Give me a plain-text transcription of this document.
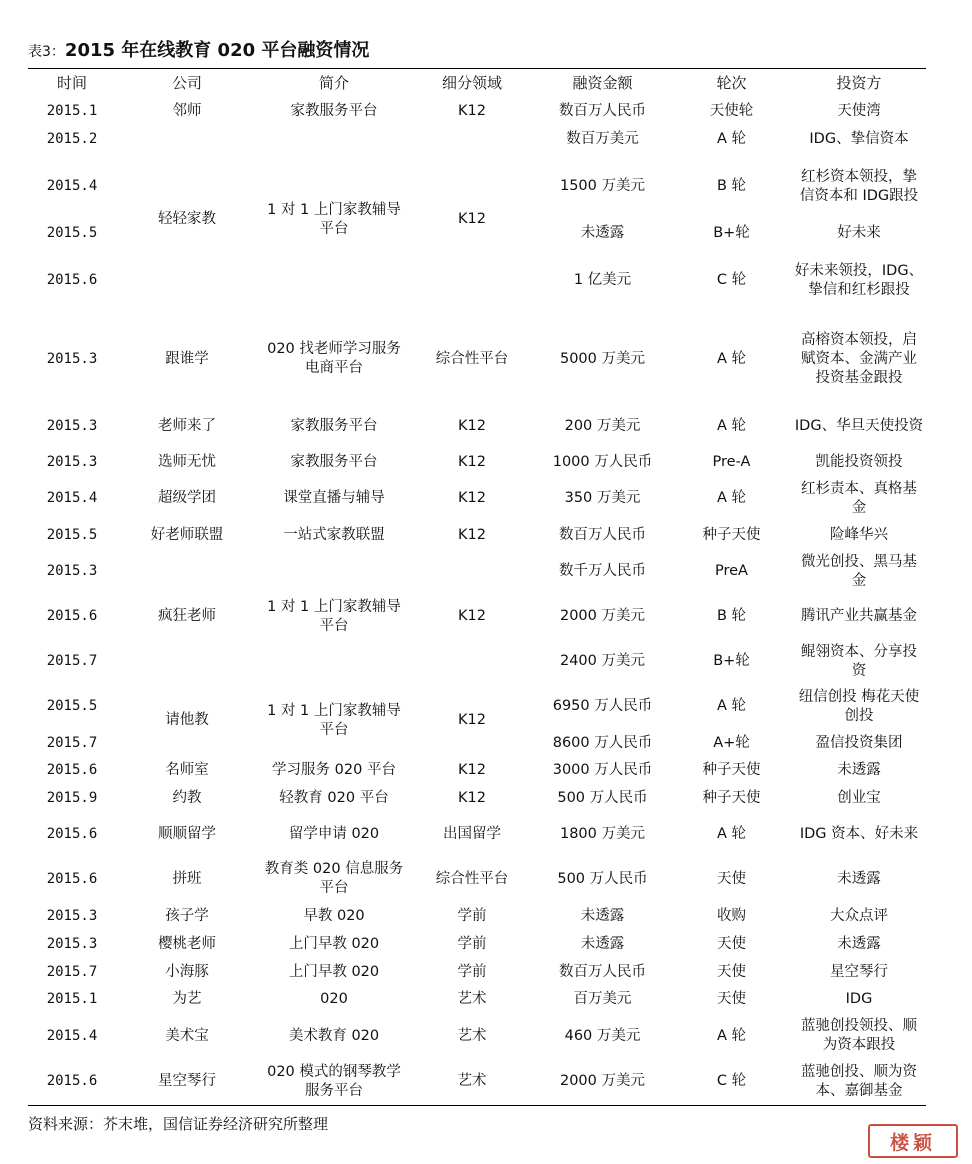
表3：2015 年在线教育 020 平台融资情况
时间	公司	简介	细分领域	融资金额	轮次	投资方
2015.1	邻师	家教服务平台	K12	数百万人民币	天使轮	天使湾
2015.2	轻轻家教	1 对 1 上门家教辅导平台	K12	数百万美元	A 轮	IDG、挚信资本
2015.4				1500 万美元	B 轮	红杉资本领投，挚信资本和 IDG跟投
2015.5				未透露	B+轮	好未来
2015.6				1 亿美元	C 轮	好未来领投，IDG、挚信和红杉跟投
2015.3	跟谁学	020 找老师学习服务电商平台	综合性平台	5000 万美元	A 轮	高榕资本领投，启赋资本、金满产业投资基金跟投
2015.3	老师来了	家教服务平台	K12	200 万美元	A 轮	IDG、华旦天使投资
2015.3	选师无忧	家教服务平台	K12	1000 万人民币	Pre-A	凯能投资领投
2015.4	超级学团	课堂直播与辅导	K12	350 万美元	A 轮	红杉责本、真格基金
2015.5	好老师联盟	一站式家教联盟	K12	数百万人民币	种子天使	险峰华兴
2015.3	疯狂老师	1 对 1 上门家教辅导平台	K12	数千万人民币	PreA	微光创投、黑马基金
2015.6				2000 万美元	B 轮	腾讯产业共赢基金
2015.7				2400 万美元	B+轮	鲲翎资本、分享投资
2015.5	请他教	1 对 1 上门家教辅导平台	K12	6950 万人民币	A 轮	纽信创投 梅花天使创投
2015.7				8600 万人民币	A+轮	盈信投资集团
2015.6	名师室	学习服务 020 平台	K12	3000 万人民币	种子天使	未透露
2015.9	约教	轻教育 020 平台	K12	500 万人民币	种子天使	创业宝
2015.6	顺顺留学	留学申请 020	出国留学	1800 万美元	A 轮	IDG 资本、好未来
2015.6	拼班	教育类 020 信息服务平台	综合性平台	500 万人民币	天使	未透露
2015.3	孩子学	早教 020	学前	未透露	收购	大众点评
2015.3	樱桃老师	上门早教 020	学前	未透露	天使	未透露
2015.7	小海豚	上门早教 020	学前	数百万人民币	天使	星空琴行
2015.1	为艺	020	艺术	百万美元	天使	IDG
2015.4	美术宝	美术教育 020	艺术	460 万美元	A 轮	蓝驰创投领投、顺为资本跟投
2015.6	星空琴行	020 模式的钢琴教学服务平台	艺术	2000 万美元	C 轮	蓝驰创投、顺为资本、嘉御基金
资料来源：芥末堆，国信证券经济研究所整理
楼颖
